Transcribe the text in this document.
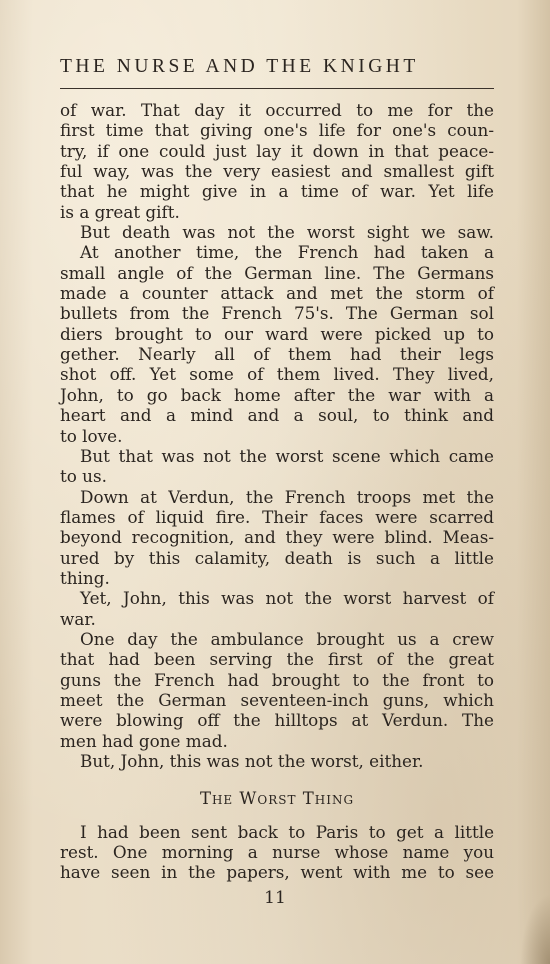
THE NURSE AND THE KNIGHT

of war. That day it occurred to me for the

first time that giving one's life for one's coun-

try, if one could just lay it down in that peace-

ful way, was the very easiest and smallest gift

that he might give in a time of war. Yet life

is a great gift.

But death was not the worst sight we saw.

At another time, the French had taken a

small angle of the German line. The Germans

made a counter attack and met the storm of

bullets from the French 75's. The German sol

diers brought to our ward were picked up to

gether. Nearly all of them had their legs

shot off. Yet some of them lived. They lived,

John, to go back home after the war with a

heart and a mind and a soul, to think and

to love.

But that was not the worst scene which came

to us.

Down at Verdun, the French troops met the

flames of liquid fire. Their faces were scarred

beyond recognition, and they were blind. Meas-

ured by this calamity, death is such a little

thing.

Yet, John, this was not the worst harvest of

war.

One day the ambulance brought us a crew

that had been serving the first of the great

guns the French had brought to the front to

meet the German seventeen-inch guns, which

were blowing off the hilltops at Verdun. The

men had gone mad.

But, John, this was not the worst, either.

The Worst Thing

I had been sent back to Paris to get a little

rest. One morning a nurse whose name you

have seen in the papers, went with me to see

11
